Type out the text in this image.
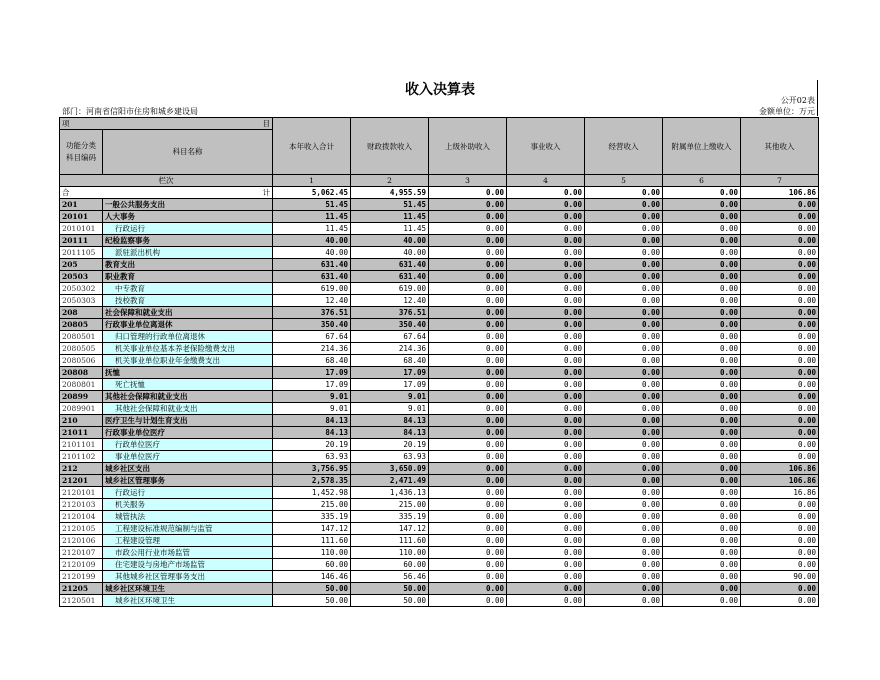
收入决算表
公开02表
部门：河南省信阳市住房和城乡建设局	金额单位：万元
项 目		本年收入合计	财政拨款收入	上级补助收入	事业收入	经营收入	附属单位上缴收入	其他收入
功能分类
科目编码	科目名称							
栏次		1	2	3	4	5	6	7
合 计		5,062.45	4,955.59	0.00	0.00	0.00	0.00	106.86
201	一般公共服务支出	51.45	51.45	0.00	0.00	0.00	0.00	0.00
20101	人大事务	11.45	11.45	0.00	0.00	0.00	0.00	0.00
2010101	行政运行	11.45	11.45	0.00	0.00	0.00	0.00	0.00
20111	纪检监察事务	40.00	40.00	0.00	0.00	0.00	0.00	0.00
2011105	派驻派出机构	40.00	40.00	0.00	0.00	0.00	0.00	0.00
205	教育支出	631.40	631.40	0.00	0.00	0.00	0.00	0.00
20503	职业教育	631.40	631.40	0.00	0.00	0.00	0.00	0.00
2050302	中专教育	619.00	619.00	0.00	0.00	0.00	0.00	0.00
2050303	技校教育	12.40	12.40	0.00	0.00	0.00	0.00	0.00
208	社会保障和就业支出	376.51	376.51	0.00	0.00	0.00	0.00	0.00
20805	行政事业单位离退休	350.40	350.40	0.00	0.00	0.00	0.00	0.00
2080501	归口管理的行政单位离退休	67.64	67.64	0.00	0.00	0.00	0.00	0.00
2080505	机关事业单位基本养老保险缴费支出	214.36	214.36	0.00	0.00	0.00	0.00	0.00
2080506	机关事业单位职业年金缴费支出	68.40	68.40	0.00	0.00	0.00	0.00	0.00
20808	抚恤	17.09	17.09	0.00	0.00	0.00	0.00	0.00
2080801	死亡抚恤	17.09	17.09	0.00	0.00	0.00	0.00	0.00
20899	其他社会保障和就业支出	9.01	9.01	0.00	0.00	0.00	0.00	0.00
2089901	其他社会保障和就业支出	9.01	9.01	0.00	0.00	0.00	0.00	0.00
210	医疗卫生与计划生育支出	84.13	84.13	0.00	0.00	0.00	0.00	0.00
21011	行政事业单位医疗	84.13	84.13	0.00	0.00	0.00	0.00	0.00
2101101	行政单位医疗	20.19	20.19	0.00	0.00	0.00	0.00	0.00
2101102	事业单位医疗	63.93	63.93	0.00	0.00	0.00	0.00	0.00
212	城乡社区支出	3,756.95	3,650.09	0.00	0.00	0.00	0.00	106.86
21201	城乡社区管理事务	2,578.35	2,471.49	0.00	0.00	0.00	0.00	106.86
2120101	行政运行	1,452.98	1,436.13	0.00	0.00	0.00	0.00	16.86
2120103	机关服务	215.00	215.00	0.00	0.00	0.00	0.00	0.00
2120104	城管执法	335.19	335.19	0.00	0.00	0.00	0.00	0.00
2120105	工程建设标准规范编制与监管	147.12	147.12	0.00	0.00	0.00	0.00	0.00
2120106	工程建设管理	111.60	111.60	0.00	0.00	0.00	0.00	0.00
2120107	市政公用行业市场监管	110.00	110.00	0.00	0.00	0.00	0.00	0.00
2120109	住宅建设与房地产市场监管	60.00	60.00	0.00	0.00	0.00	0.00	0.00
2120199	其他城乡社区管理事务支出	146.46	56.46	0.00	0.00	0.00	0.00	90.00
21205	城乡社区环境卫生	50.00	50.00	0.00	0.00	0.00	0.00	0.00
2120501	城乡社区环境卫生	50.00	50.00	0.00	0.00	0.00	0.00	0.00
